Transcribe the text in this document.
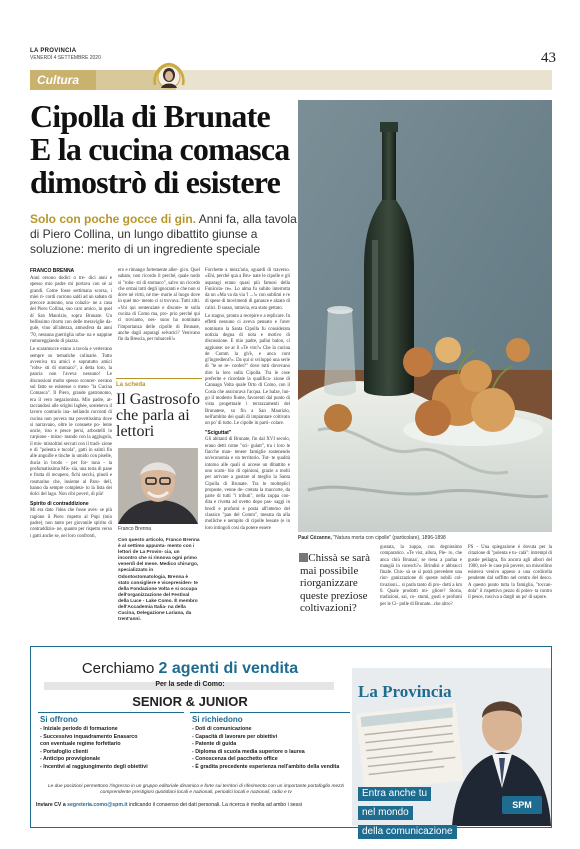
LA PROVINCIA
VENERDÌ 4 SETTEMBRE 2020	43
Cultura
Cipolla di Brunate
E la cucina comasca
dimostrò di esistere
Solo con poche gocce di gin. Anni fa, alla tavola di Piero Collina, un lungo dibattito giunse a soluzione: merito di un ingrediente speciale
Paul Cézanne, "Natura morta con cipolle" (particolare), 1896-1898
FRANCO BRENNA

Anni orsono dodici o tre- dici anni e spesso mio padre mi portava con sé ai grandi. Come fosse settimana scorsa, i miei ri- cordi corrono saldi ad un sabato di precoce autunno, una colazio- ne a casa del Piero Collina, suo caro amico, in quel di San Maurizio, sopra Brunate. Un bellissimo ritorto con delle meraviglie da- gule, vino all'altezza, atmosfera da anni '70, nessuna guerriglia urba- na e nappine rumoreggiando di piazza.

Le scaramucce erano a tavola e vertevano sempre su tematiche culinarie. Tutto avveniva tra amici e sopratutto amici "robu- sti di stomaco", a detta loro, la pancia non l'aveva nessuno! Le discussioni molto spesso sconcer- nevano sul fatto se esistesse o meno "la Cucina Comasca". Il Piero, grande gastronomo, era il vero negazionista. Mio padre, at- taccandosi alle origini laghée, sosteneva il lavoro contrario ina- nellando racconti di cucina non povera ma povertissima dove si narravano, oltre le consuete po- lente uncie, riso e pesce persi, arbostelli in carpione - mirac- mando con la aggiugola, il mis- missoltini seccati con il tradi- zione e di "polenta e tucola", gatti in salmì fin alle anguille e tinche in umido con piselle, ducia in brodo - per for- tuna - la profumatissima Mis- sia, una torta di pane e frutta di recupero, fichi secchi, pinoli e rosmarino che, insieme al Paru- dell, hanno da sempre completa- to la lista dei dolci del lago. Non cibi poveri, di più!

Spirito di contraddizione

Mi era dato l'idea che fosse aves- se più ragione il Piero rispetto al Pupi (mio padre), non tanto per giovanile spirito di contraddizio- ne, quanto per rispetto verso i gatti anche se, nei loro confronti,

ero e rimango fortemente aller- gico. Quel sabato, non ricordo il perché, quale nodo si "robu- sti di stomaco", salvo un ricordo che ormai tutti degli ignoranti e che non si dove né virtù, né me- morie al luogo dove in quel mo- mento ci si trovava. Tutti zitti. «Voi qui sentenziate e discute- te sulla cucina di Como ma, pro- prio perché qui ci troviamo, nes- suno ha nominato l'importanza delle cipolle di Brunate, anche dagli asparagi selvatici? Venivano fin da Brescia, per rubarceli!»

La scheda
Il Gastrosofo che parla ai lettori
Franco Brenna
Con questo articolo, Franco Brenna è al settimo appunta- mento con i lettori de La Provin- cia, un incontro che si rinnova ogni primo venerdì del mese. Medico chirurgo, specializzato in Odontostomatologia, Brenna è stato consigliere e vicepresiden- te della Fondazione Volta e si occupa dell'organizzazione del Festival della Luce - Lake Como. È membro dell'Accademia Italia- na della Cucina, Delegazione Lariana, da trent'anni.

Forchette a mezz'aria, sguardi di traverso. «Ehi, perché qua a Bru- nate le cipolle e gli asparagi erano quasi più famosi della Funicola- re». Lo alma fu subito interrotta da un «Ma va da via 'l ...!» con sublimi e re di spese di movimenti di ganasce e alzato di calici. Il sasso, tuttavia, era stato gettato.

Lo stagno, pronto a recepire e a replicare. In effetti nessuno ci aveva pensato e l'aver nominato la Santa Cipolla fu considerata notizia degna di nota e motivo di discussione. E mio padre, pallai baloo, ci aggiunse: ne ar lì «Te vist?» Che la cucina de Comm la gh'è, e anca cont gl'ingredient?». Da qui si sviluppò una serie di "te se re- cordet?" dove tutti dovevano dire la loro sulla Cipolla. Tra le cose preferite e ricordate la qualifica- zione di Cannago Volta quale Orto di Como, con il Cosia che assicurava l'acqua. Le balze, lun- go il modesto fiume, favorenti dal punto di vista progettuale i terrazzamenti del Brunatese, su fin a San Maurizio, nell'ambito dei quali di impiantare coltivato un po' di tutto. Le cipolle in parti- colare.

"Sciguttat"

Gli abitanti di Brunate, fin dal XVI secolo, erano detti come "sci- gulatt", tra i loro le fiacche man- tenere famiglie sostenendo un'economia e un territorio. Tut- te qualità intorno alle quali si accese un dibattito e uno scam- bio di opinioni, grazie a molti per arrivare a gustare al meglio la Santa Cipolla di Brunate. Tra le molteplici proposte, venne de- cretata la maccorte, da parte di tutti "i tributi", nella zuppa con- dita e rivetta ad ovetto dopo pas- saggi in brodi e profumi e posta all'interno del classico "pan del Comm", mesata da alla molliche e nempito di cipolle lessate (e in loro intingoli cosi da potere essere

Chissà se sarà mai possibile riorganizzare queste preziose coltivazioni?

gustata, la zuppa, con degnissimo comparatico. «Te vist, allura, Pie- ro, che anca chiù Brunaa', se riesa a parlaa e mangià in curesch?». Brindisi e abbracci finale. Chis- sà se si potrà prevedere una rior- ganizzazione di queste nobili col- tivazioni... si parla tanto di pro- dotti a km 0. Quale prodotti mi- gliore? Storia, tradizioni, sai, co- stumi, gusti e profumi per le Ci- polle di Brunate...che altro?

PS - Una spiegazione è dovuta per la citazione di "polenta e tu- calà": intrempl di gustie pellagra, fin ancora agli albori del 1900, nel- le case più povere, un miscellino esisteva venivo appeso a una cordicella pendente dal soffitto nel centro del desco. A questo punto tutta la famiglia, "toccan- dola" il rispettivo pezzo di polen- ta contro il pesce, rusciva a dargli un po' di sapore.

Cerchiamo 2 agenti di vendita
Per la sede di Como:
SENIOR & JUNIOR
Si offrono
- Iniziale periodo di formazione
- Successivo inquadramento Enasarco
con eventuale regime forfettario
- Portafoglio clienti
- Anticipo provvigionale
- Incentivi al raggiungimento degli obiettivi
Si richiedono
- Doti di comunicazione
- Capacità di lavorare per obiettivi
- Patente di guida
- Diploma di scuola media superiore o laurea
- Conoscenza del pacchetto office
- È gradita precedente esperienza nell'ambito della vendita
Le due posizioni permettono l'ingresso in un gruppo editoriale dinamico e forte sui territori di riferimento con un importante portafoglio mezzi comprendente prestigiosi quotidiani locali e nazionali, periodici locali e nazionali, radio e tv
Inviare CV a segreteria.como@spm.it indicando il consenso dei dati personali. La ricerca è rivolta ad ambo i sessi
La Provincia
Entra anche tu
nel mondo
della comunicazione
SPM
